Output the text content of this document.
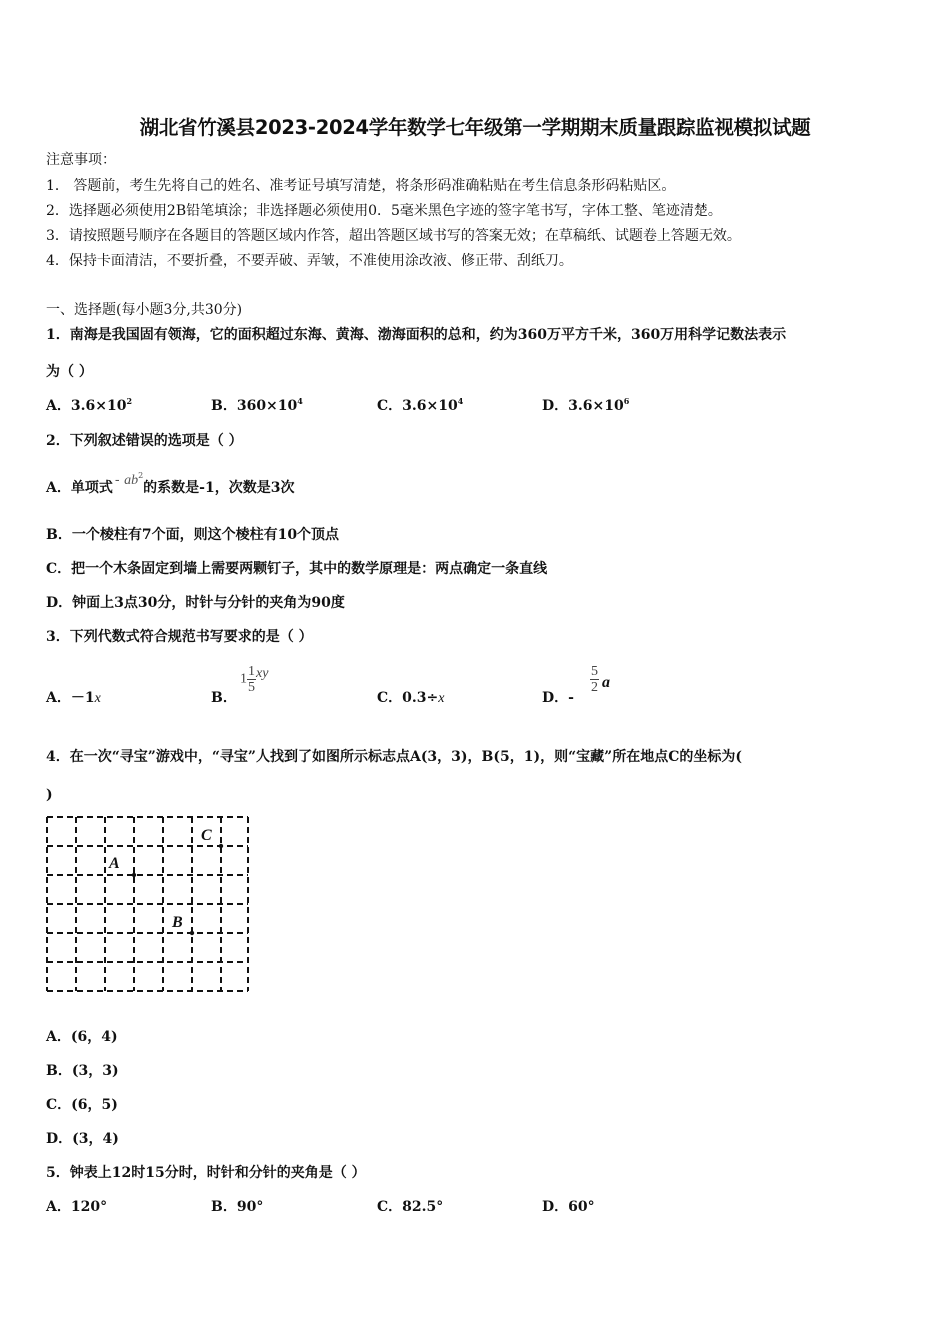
湖北省竹溪县2023-2024学年数学七年级第一学期期末质量跟踪监视模拟试题
注意事项：
1． 答题前，考生先将自己的姓名、准考证号填写清楚，将条形码准确粘贴在考生信息条形码粘贴区。
2．选择题必须使用2B铅笔填涂；非选择题必须使用0．5毫米黑色字迹的签字笔书写，字体工整、笔迹清楚。
3．请按照题号顺序在各题目的答题区域内作答，超出答题区域书写的答案无效；在草稿纸、试题卷上答题无效。
4．保持卡面清洁，不要折叠，不要弄破、弄皱，不准使用涂改液、修正带、刮纸刀。
一、选择题(每小题3分,共30分)
1．南海是我国固有领海，它的面积超过东海、黄海、渤海面积的总和，约为360万平方千米，360万用科学记数法表示
为（ ）
A．$3.6\times 10^2$	B．$360\times 10^4$	C．$3.6\times 10^4$	D．$3.6\times 10^6$
2．下列叙述错误的选项是（ ）
A．单项式 - $ab^2$的系数是-1，次数是3次
B．一个棱柱有7个面，则这个棱柱有10个顶点
C．把一个木条固定到墙上需要两颗钉子，其中的数学原理是：两点确定一条直线
D．钟面上3点30分，时针与分针的夹角为90度
3．下列代数式符合规范书写要求的是（ ）
A．－1x	B．
$1 \frac{1}{5}$ xy
C．0.3÷x	D．-
$\frac{5}{2}$ a
4．在一次“寻宝”游戏中，“寻宝”人找到了如图所示标志点A(3，3)，B(5，1)，则“宝藏”所在地点C的坐标为(
)
A
B
C
A．(6，4)
B．(3，3)
C．(6，5)
D．(3，4)
5．钟表上12时15分时，时针和分针的夹角是（ ）
A．120°	B．90°	C．82.5°	D．60°
